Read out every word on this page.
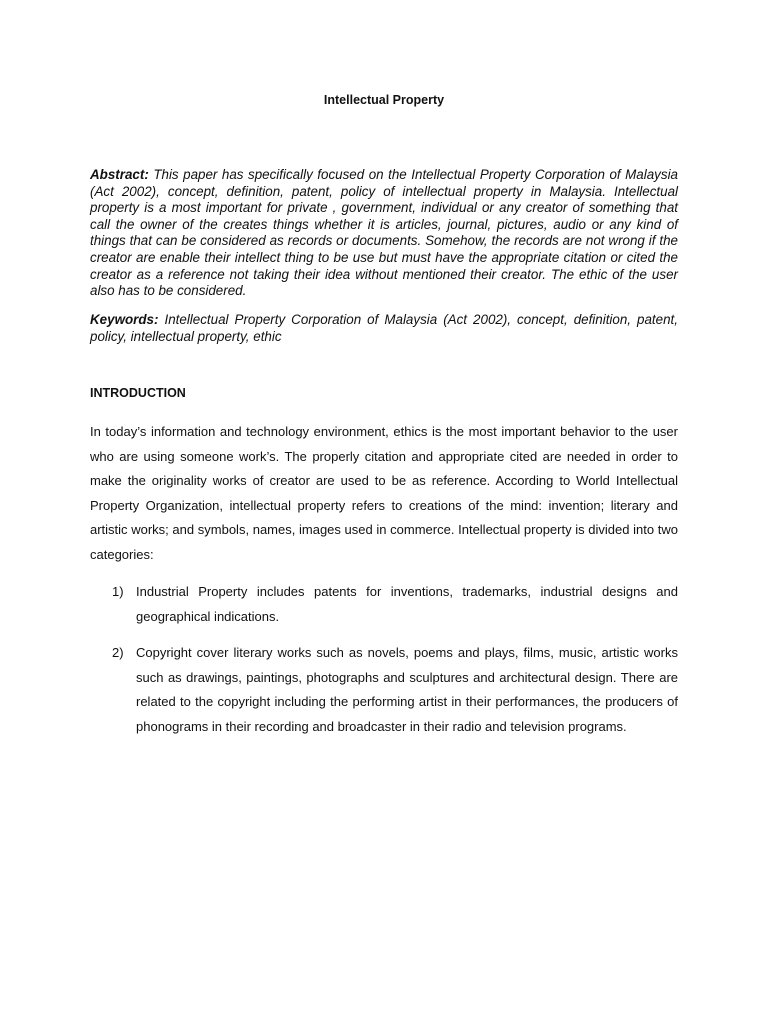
Intellectual Property

Abstract: This paper has specifically focused on the Intellectual Property Corporation of Malaysia (Act 2002), concept, definition, patent, policy of intellectual property in Malaysia. Intellectual property is a most important for private , government, individual or any creator of something that call the owner of the creates things whether it is articles, journal, pictures, audio or any kind of things that can be considered as records or documents. Somehow, the records are not wrong if the creator are enable their intellect thing to be use but must have the appropriate citation or cited the creator as a reference not taking their idea without mentioned their creator. The ethic of the user also has to be considered.

Keywords: Intellectual Property Corporation of Malaysia (Act 2002), concept, definition, patent, policy, intellectual property, ethic

INTRODUCTION

In today’s information and technology environment, ethics is the most important behavior to the user who are using someone work’s. The properly citation and appropriate cited are needed in order to make the originality works of creator are used to be as reference. According to World Intellectual Property Organization, intellectual property refers to creations of the mind: invention; literary and artistic works; and symbols, names, images used in commerce. Intellectual property is divided into two categories:

1) Industrial Property includes patents for inventions, trademarks, industrial designs and geographical indications.
2) Copyright cover literary works such as novels, poems and plays, films, music, artistic works such as drawings, paintings, photographs and sculptures and architectural design. There are related to the copyright including the performing artist in their performances, the producers of phonograms in their recording and broadcaster in their radio and television programs.
